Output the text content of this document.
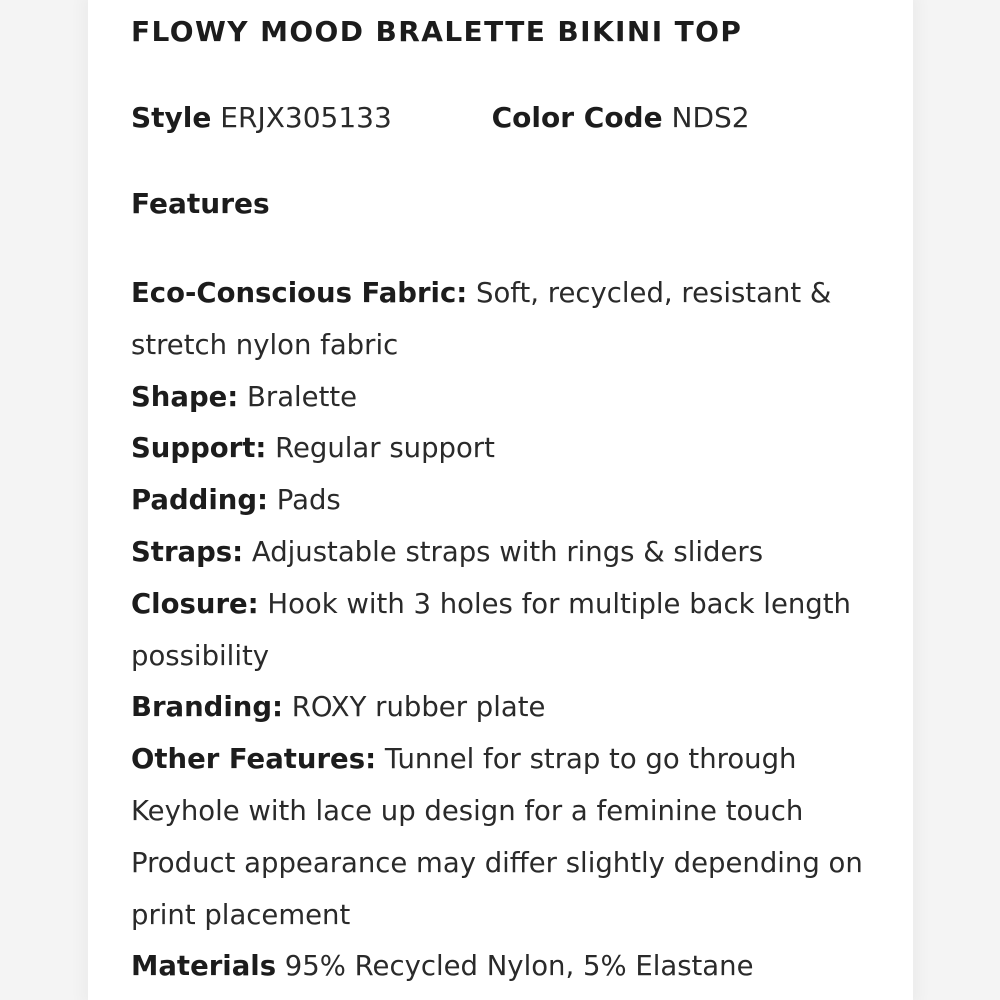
FLOWY MOOD BRALETTE BIKINI TOP
Style ERJX305133	Color Code NDS2
Features
Eco-Conscious Fabric: Soft, recycled, resistant &
stretch nylon fabric
Shape: Bralette
Support: Regular support
Padding: Pads
Straps: Adjustable straps with rings & sliders
Closure: Hook with 3 holes for multiple back length
possibility
Branding: ROXY rubber plate
Other Features: Tunnel for strap to go through
Keyhole with lace up design for a feminine touch
Product appearance may differ slightly depending on
print placement
Materials 95% Recycled Nylon, 5% Elastane
